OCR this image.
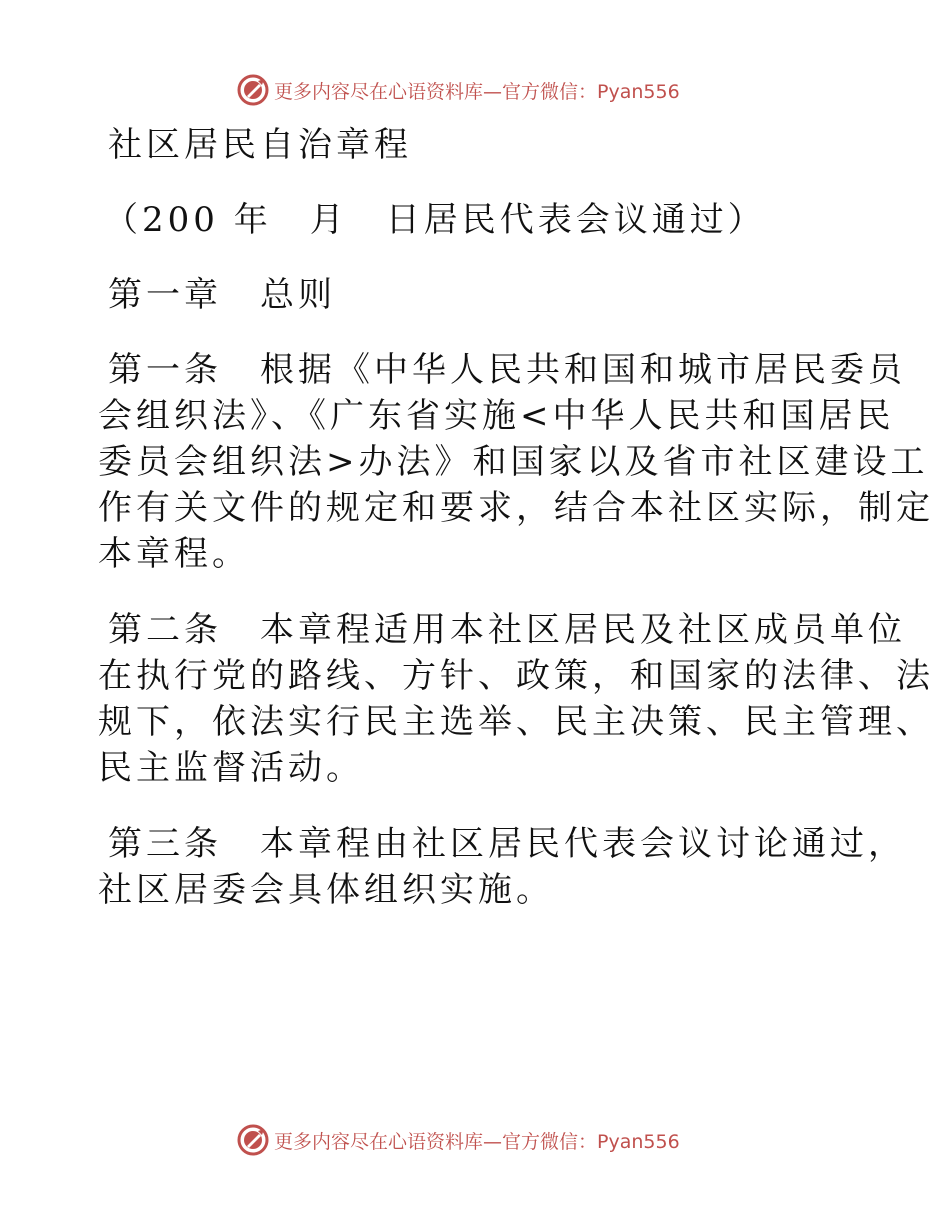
更多内容尽在心语资料库—官方微信：Pyan556
社区居民自治章程
（200 年　月　日居民代表会议通过）
第一章　总则
第一条　根据《中华人民共和国和城市居民委员
会组织法》、《广东省实施<中华人民共和国居民
委员会组织法>办法》和国家以及省市社区建设工
作有关文件的规定和要求，结合本社区实际，制定
本章程。
第二条　本章程适用本社区居民及社区成员单位
在执行党的路线、方针、政策，和国家的法律、法
规下，依法实行民主选举、民主决策、民主管理、
民主监督活动。
第三条　本章程由社区居民代表会议讨论通过，
社区居委会具体组织实施。
更多内容尽在心语资料库—官方微信：Pyan556
